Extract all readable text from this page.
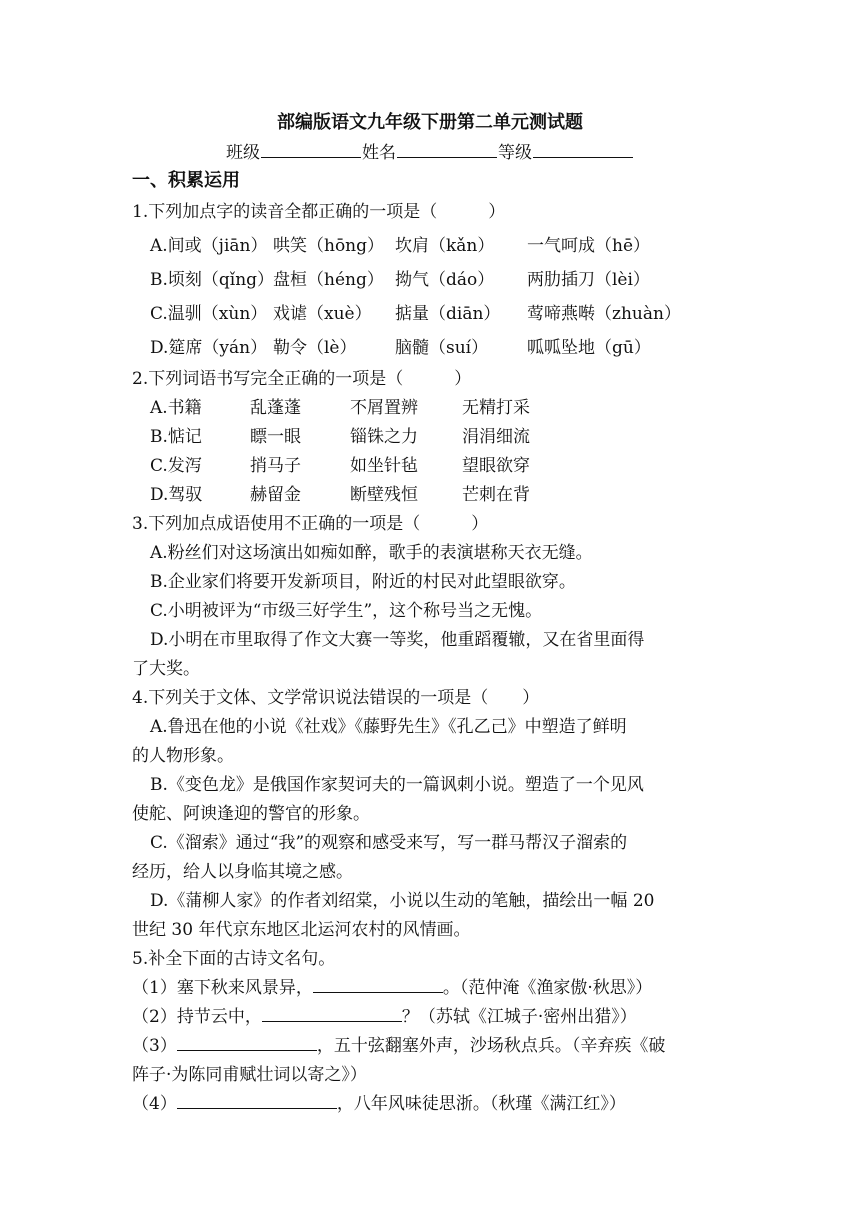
部编版语文九年级下册第二单元测试题
班级	姓名	等级
一、积累运用
1.下列加点字的读音全都正确的一项是（　　　）
A.间或（jiān） 哄笑（hōng） 坎肩（kǎn） 一气呵成（hē）
B.顷刻（qǐng）盘桓（héng） 拗气（dáo） 两肋插刀（lèi）
C.温驯（xùn） 戏谑（xuè） 掂量（diān） 莺啼燕啭（zhuàn）
D.筵席（yán） 勒令（lè） 脑髓（suí） 呱呱坠地（gū）
2.下列词语书写完全正确的一项是（　　　）
A.书籍	乱蓬蓬	不屑置辨	无精打采
B.惦记	瞟一眼	锱铢之力	涓涓细流
C.发泻	捎马子	如坐针毡	望眼欲穿
D.驾驭	赫留金	断壁残恒	芒刺在背
3.下列加点成语使用不正确的一项是（　　　）
A.粉丝们对这场演出如痴如醉，歌手的表演堪称天衣无缝。
B.企业家们将要开发新项目，附近的村民对此望眼欲穿。
C.小明被评为“市级三好学生”，这个称号当之无愧。
D.小明在市里取得了作文大赛一等奖，他重蹈覆辙，又在省里面得
了大奖。
4.下列关于文体、文学常识说法错误的一项是（　　）
A.鲁迅在他的小说《社戏》《藤野先生》《孔乙己》中塑造了鲜明
的人物形象。
B.《变色龙》是俄国作家契诃夫的一篇讽刺小说。塑造了一个见风
使舵、阿谀逢迎的警官的形象。
C.《溜索》通过“我”的观察和感受来写，写一群马帮汉子溜索的
经历，给人以身临其境之感。
D.《蒲柳人家》的作者刘绍棠，小说以生动的笔触，描绘出一幅 20
世纪 30 年代京东地区北运河农村的风情画。
5.补全下面的古诗文名句。
（1）塞下秋来风景异，	。（范仲淹《渔家傲·秋思》）
（2）持节云中，	？（苏轼《江城子·密州出猎》）
（3）	，五十弦翻塞外声，沙场秋点兵。（辛弃疾《破
阵子·为陈同甫赋壮词以寄之》）
（4）	，八年风味徒思浙。（秋瑾《满江红》）
